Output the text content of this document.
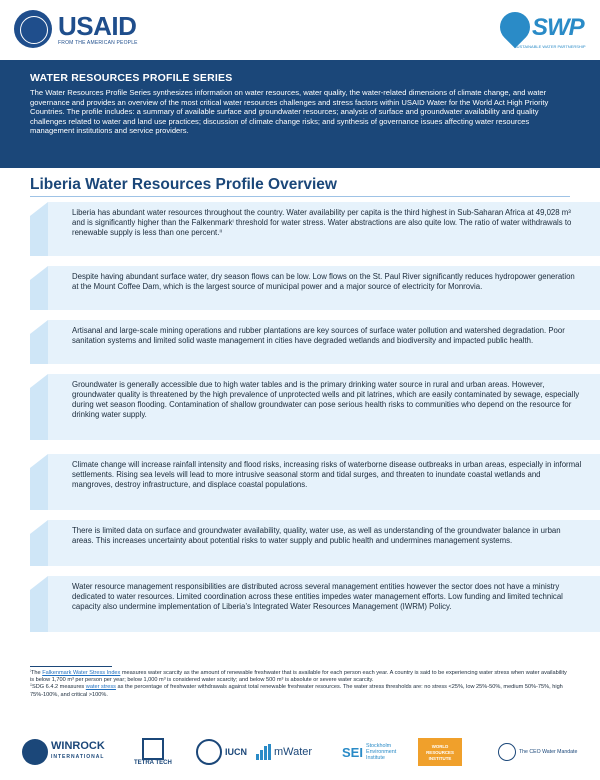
USAID
FROM THE AMERICAN PEOPLE
SWP
SUSTAINABLE WATER PARTNERSHIP
WATER RESOURCES PROFILE SERIES
The Water Resources Profile Series synthesizes information on water resources, water quality, the water-related dimensions of climate change, and water governance and provides an overview of the most critical water resources challenges and stress factors within USAID Water for the World Act High Priority Countries. The profile includes: a summary of available surface and groundwater resources; analysis of surface and groundwater availability and quality challenges related to water and land use practices; discussion of climate change risks; and synthesis of governance issues affecting water resources management institutions and service providers.
Liberia Water Resources Profile Overview
Liberia has abundant water resources throughout the country. Water availability per capita is the third highest in Sub-Saharan Africa at 49,028 m³ and is significantly higher than the Falkenmarkⁱ threshold for water stress. Water abstractions are also quite low. The ratio of water withdrawals to renewable supply is less than one percent.ⁱⁱ
Despite having abundant surface water, dry season flows can be low. Low flows on the St. Paul River significantly reduces hydropower generation at the Mount Coffee Dam, which is the largest source of municipal power and a major source of electricity for Monrovia.
Artisanal and large-scale mining operations and rubber plantations are key sources of surface water pollution and watershed degradation. Poor sanitation systems and limited solid waste management in cities have degraded wetlands and biodiversity and impacted public health.
Groundwater is generally accessible due to high water tables and is the primary drinking water source in rural and urban areas. However, groundwater quality is threatened by the high prevalence of unprotected wells and pit latrines, which are easily contaminated by sewage, especially during wet season flooding. Contamination of shallow groundwater can pose serious health risks to communities who depend on the resource for drinking water supply.
Climate change will increase rainfall intensity and flood risks, increasing risks of waterborne disease outbreaks in urban areas, especially in informal settlements. Rising sea levels will lead to more intrusive seasonal storm and tidal surges, and threaten to inundate coastal wetlands and mangroves, destroy infrastructure, and displace coastal populations.
There is limited data on surface and groundwater availability, quality, water use, as well as understanding of the groundwater balance in urban areas. This increases uncertainty about potential risks to water supply and public health and undermines management systems.
Water resource management responsibilities are distributed across several management entities however the sector does not have a ministry dedicated to water resources. Limited coordination across these entities impedes water management efforts. Low funding and limited technical capacity also undermine implementation of Liberia’s Integrated Water Resources Management (IWRM) Policy.
ⁱThe Falkenmark Water Stress Index measures water scarcity as the amount of renewable freshwater that is available for each person each year. A country is said to be experiencing water stress when water availability is below 1,700 m³ per person per year; below 1,000 m³ is considered water scarcity; and below 500 m³ is absolute or severe water scarcity.
ⁱⁱSDG 6.4.2 measures water stress as the percentage of freshwater withdrawals against total renewable freshwater resources. The water stress thresholds are: no stress <25%, low 25%-50%, medium 50%-75%, high 75%-100%, and critical >100%.
WINROCK
INTERNATIONAL
TETRA TECH
IUCN mWater SEI Stockholm Environment Institute
WORLD RESOURCES INSTITUTE
The CEO Water Mandate
